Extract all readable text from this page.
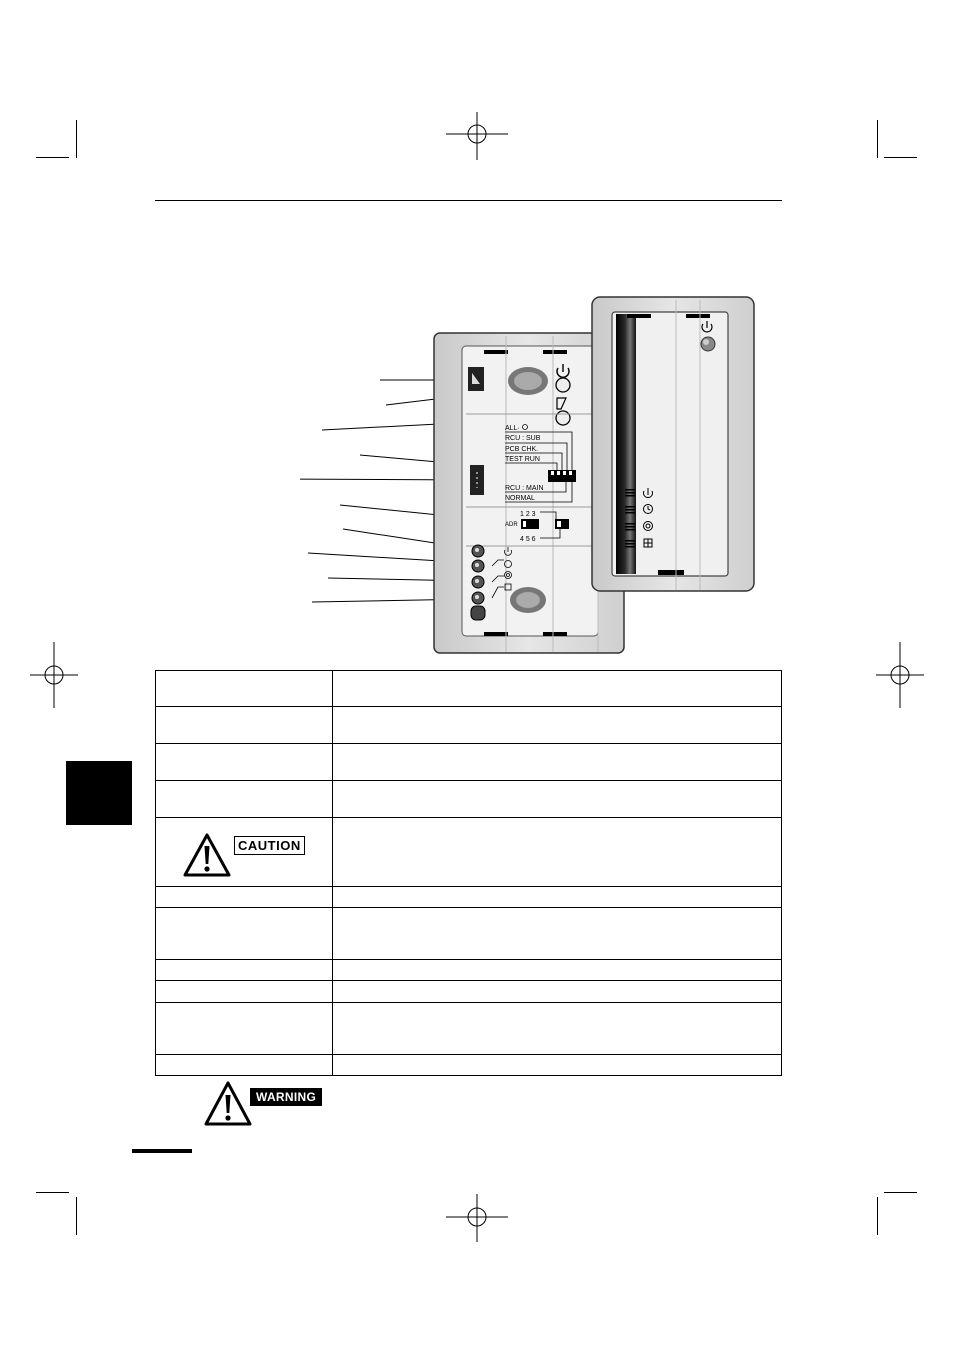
ALL·
RCU : SUB
PCB CHK.
TEST RUN
RCU : MAIN
NORMAL
1 2 3
ADR
4 5 6

CAUTION	

WARNING
